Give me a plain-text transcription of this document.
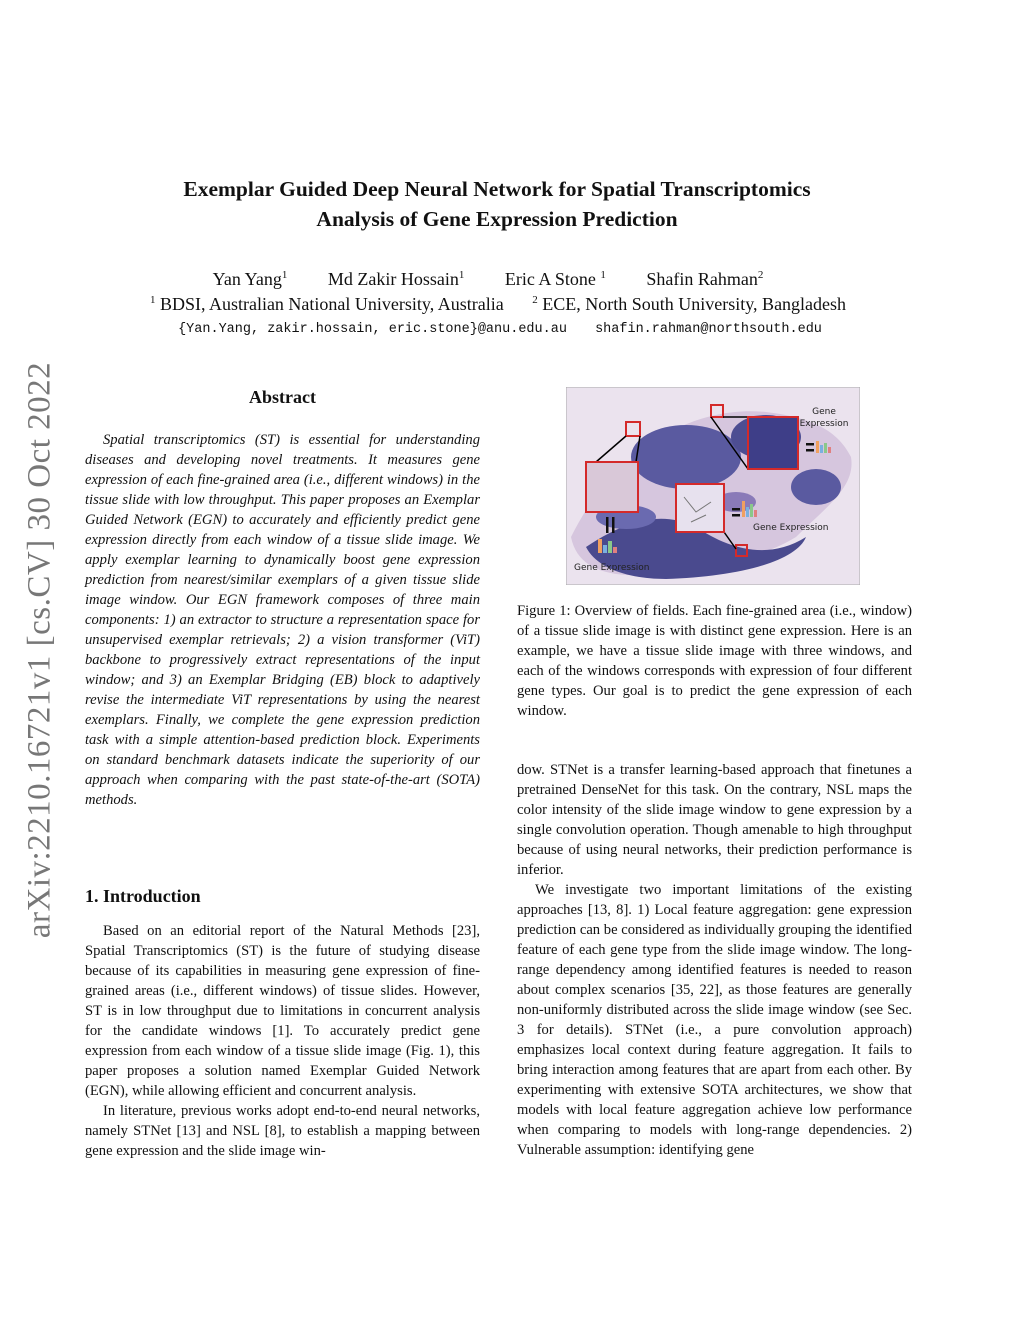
arXiv:2210.16721v1 [cs.CV] 30 Oct 2022
Exemplar Guided Deep Neural Network for Spatial Transcriptomics
Analysis of Gene Expression Prediction
Yan Yang$^1$ Md Zakir Hossain$^1$ Eric A Stone $^1$ Shafin Rahman$^2$
$^1$ BDSI, Australian National University, Australia	$^2$ ECE, North South University, Bangladesh
{Yan.Yang, zakir.hossain, eric.stone}@anu.edu.au shafin.rahman@northsouth.edu
Abstract
Spatial transcriptomics (ST) is essential for understanding diseases and developing novel treatments. It measures gene expression of each fine-grained area (i.e., different windows) in the tissue slide with low throughput. This paper proposes an Exemplar Guided Network (EGN) to accurately and efficiently predict gene expression directly from each window of a tissue slide image. We apply exemplar learning to dynamically boost gene expression prediction from nearest/similar exemplars of a given tissue slide image window. Our EGN framework composes of three main components: 1) an extractor to structure a representation space for unsupervised exemplar retrievals; 2) a vision transformer (ViT) backbone to progressively extract representations of the input window; and 3) an Exemplar Bridging (EB) block to adaptively revise the intermediate ViT representations by using the nearest exemplars. Finally, we complete the gene expression prediction task with a simple attention-based prediction block. Experiments on standard benchmark datasets indicate the superiority of our approach when comparing with the past state-of-the-art (SOTA) methods.
1. Introduction

Based on an editorial report of the Natural Methods [23], Spatial Transcriptomics (ST) is the future of studying disease because of its capabilities in measuring gene expression of fine-grained areas (i.e., different windows) of tissue slides. However, ST is in low throughput due to limitations in concurrent analysis for the candidate windows [1]. To accurately predict gene expression from each window of a tissue slide image (Fig. 1), this paper proposes a solution named Exemplar Guided Network (EGN), while allowing efficient and concurrent analysis.

In literature, previous works adopt end-to-end neural networks, namely STNet [13] and NSL [8], to establish a mapping between gene expression and the slide image win-

Gene
Expression
Gene Expression
Gene Expression
Figure 1: Overview of fields. Each fine-grained area (i.e., window) of a tissue slide image is with distinct gene expression. Here is an example, we have a tissue slide image with three windows, and each of the windows corresponds with expression of four different gene types. Our goal is to predict the gene expression of each window.

dow. STNet is a transfer learning-based approach that finetunes a pretrained DenseNet for this task. On the contrary, NSL maps the color intensity of the slide image window to gene expression by a single convolution operation. Though amenable to high throughput because of using neural networks, their prediction performance is inferior.

We investigate two important limitations of the existing approaches [13, 8]. 1) Local feature aggregation: gene expression prediction can be considered as individually grouping the identified feature of each gene type from the slide image window. The long-range dependency among identified features is needed to reason about complex scenarios [35, 22], as those features are generally non-uniformly distributed across the slide image window (see Sec. 3 for details). STNet (i.e., a pure convolution approach) emphasizes local context during feature aggregation. It fails to bring interaction among features that are apart from each other. By experimenting with extensive SOTA architectures, we show that models with local feature aggregation achieve low performance when comparing to models with long-range dependencies. 2) Vulnerable assumption: identifying gene
